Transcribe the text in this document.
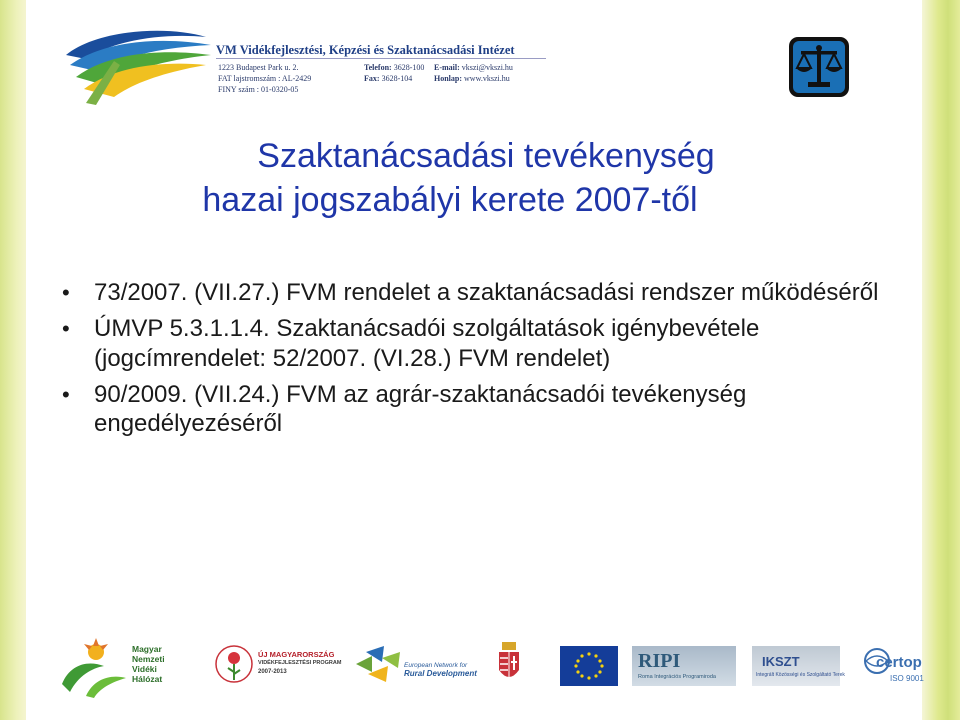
VM Vidékfejlesztési, Képzési és Szaktanácsadási Intézet
1223 Budapest Park u. 2.	Telefon: 3628-100 E-mail: vkszi@vkszi.hu
FAT lajstromszám : AL-2429	Fax: 3628-104	Honlap: www.vkszi.hu
FINY szám : 01-0320-05
Szaktanácsadási tevékenység
hazai jogszabályi kerete 2007-től
• 73/2007. (VII.27.) FVM rendelet a szaktanácsadási rendszer működéséről
• ÚMVP 5.3.1.1.4. Szaktanácsadói szolgáltatások igénybevétele (jogcímrendelet: 52/2007. (VI.28.) FVM rendelet)
• 90/2009. (VII.24.) FVM az agrár-szaktanácsadói tevékenység engedélyezéséről
Magyar
Nemzeti
Vidéki
Hálózat
ÚJ MAGYARORSZÁG
VIDÉKFEJLESZTÉSI PROGRAM
2007-2013
European Network for
Rural Development
RIPI
Roma Integrációs Programiroda
IKSZT
Integrált Közösségi és Szolgáltató Terek
certop
ISO 9001
